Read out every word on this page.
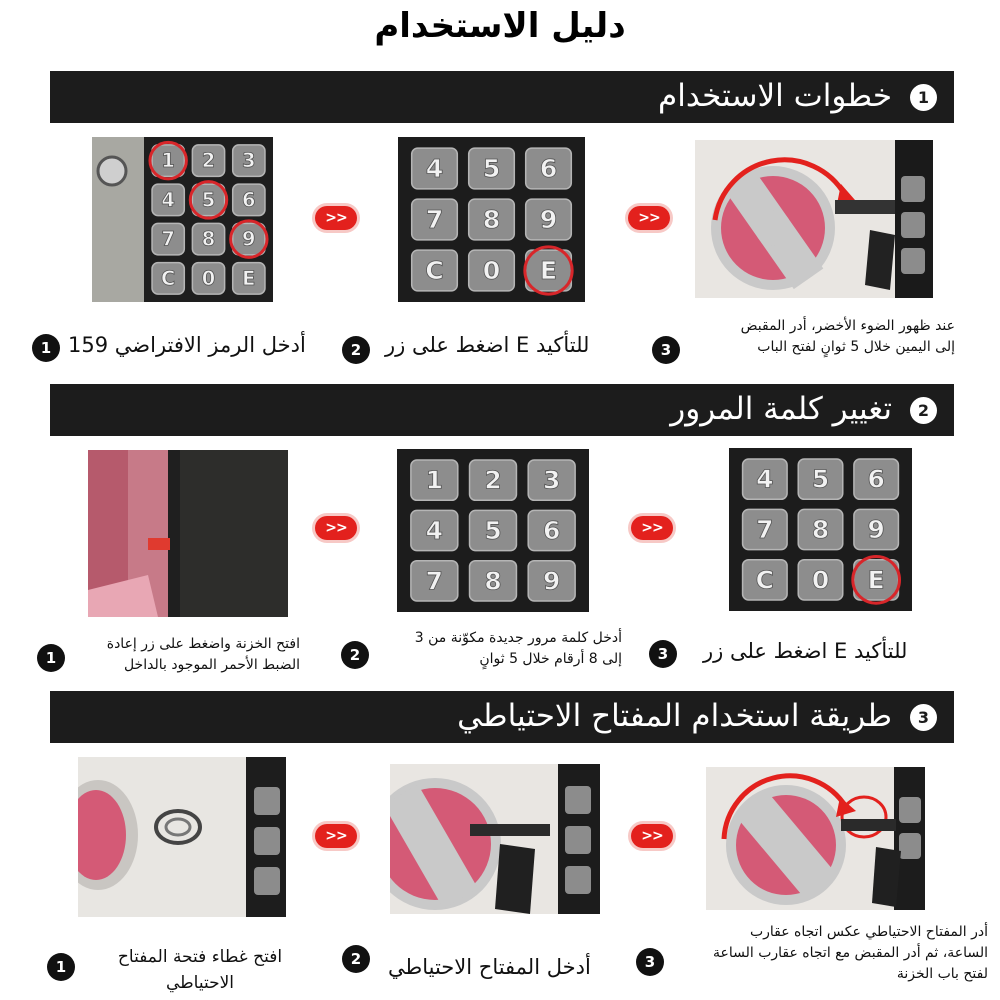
دليل الاستخدام
خطوات الاستخدام	1
1 2 3
4 5 6
7 8 9
C 0 E
>>
4 5 6
7 8 9
C 0 E
>>
1 أدخل الرمز الافتراضي 159	2	للتأكيد E اضغط على زر	3
عند ظهور الضوء الأخضر، أدر المقبض
إلى اليمين خلال 5 ثوانٍ لفتح الباب
تغيير كلمة المرور	2
>>
1 2 3
4 5 6
7 8 9
>>
4 5 6
7 8 9
C 0 E
1
افتح الخزنة واضغط على زر إعادة
الضبط الأحمر الموجود بالداخل
2
أدخل كلمة مرور جديدة مكوّنة من 3
إلى 8 أرقام خلال 5 ثوانٍ	3	للتأكيد E اضغط على زر
طريقة استخدام المفتاح الاحتياطي	3
>>	>>
1	افتح غطاء فتحة المفتاح
الاحتياطي
2	أدخل المفتاح الاحتياطي	3
أدر المفتاح الاحتياطي عكس اتجاه عقارب
الساعة، ثم أدر المقبض مع اتجاه عقارب الساعة
لفتح باب الخزنة
